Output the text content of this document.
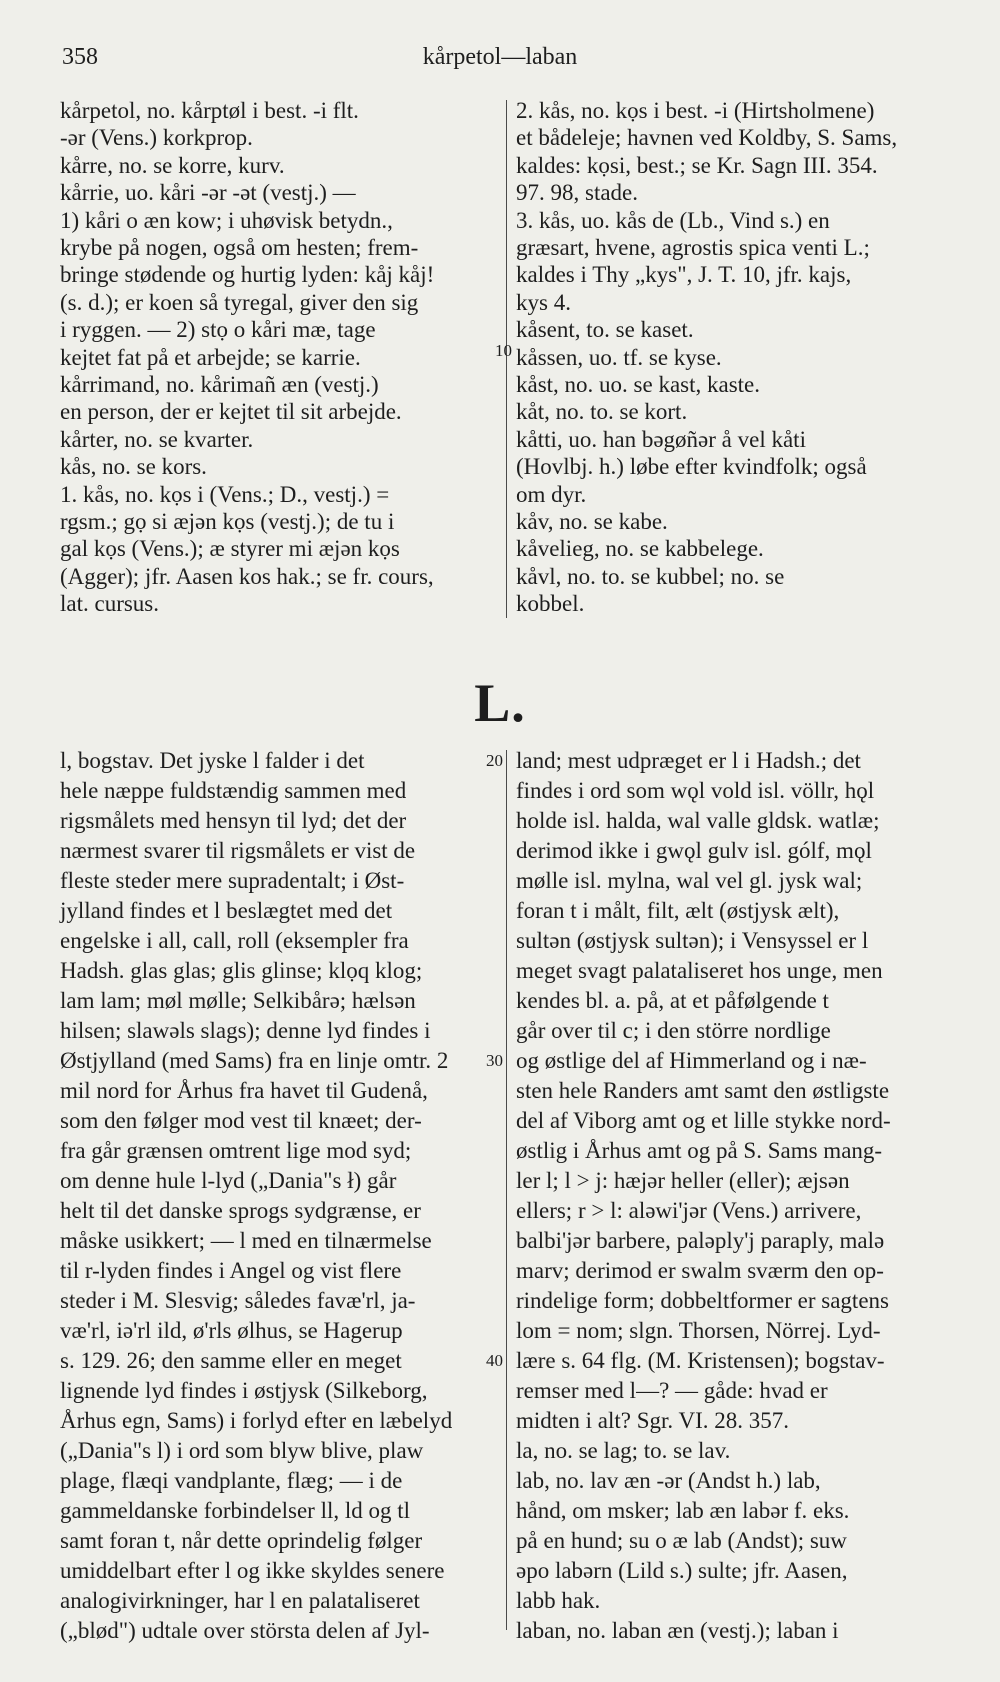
358	kårpetol—laban
kårpetol, no. kårptøl i best. -i flt.
-ər (Vens.) korkprop.
kårre, no. se korre, kurv.
kårrie, uo. kåri -ər -ət (vestj.) —
1) kåri o æn kow; i uhøvisk betydn.,
krybe på nogen, også om hesten; frem-
bringe stødende og hurtig lyden: kåj kåj!
(s. d.); er koen så tyregal, giver den sig
i ryggen. — 2) stọ o kåri mæ, tage
kejtet fat på et arbejde; se karrie.
kårrimand, no. kårimañ æn (vestj.)
en person, der er kejtet til sit arbejde.
kårter, no. se kvarter.
kås, no. se kors.
1. kås, no. kọs i (Vens.; D., vestj.) =
rgsm.; gọ si æjən kọs (vestj.); de tu i
gal kọs (Vens.); æ styrer mi æjən kọs
(Agger); jfr. Aasen kos hak.; se fr. cours,
lat. cursus.
2. kås, no. kọs i best. -i (Hirtsholmene)
et bådeleje; havnen ved Koldby, S. Sams,
kaldes: kọsi, best.; se Kr. Sagn III. 354.
97. 98, stade.
3. kås, uo. kås de (Lb., Vind s.) en
græsart, hvene, agrostis spica venti L.;
kaldes i Thy „kys", J. T. 10, jfr. kajs,
kys 4.
kåsent, to. se kaset.
kåssen, uo. tf. se kyse.
kåst, no. uo. se kast, kaste.
kåt, no. to. se kort.
kåtti, uo. han bəgøñər å vel kåti
(Hovlbj. h.) løbe efter kvindfolk; også
om dyr.
kåv, no. se kabe.
kåvelieg, no. se kabbelege.
kåvl, no. to. se kubbel; no. se
kobbel.
10
L.
l, bogstav. Det jyske l falder i det
hele næppe fuldstændig sammen med
rigsmålets med hensyn til lyd; det der
nærmest svarer til rigsmålets er vist de
fleste steder mere supradentalt; i Øst-
jylland findes et l beslægtet med det
engelske i all, call, roll (eksempler fra
Hadsh. glas glas; glis glinse; klọq klog;
lam lam; møl mølle; Selkibårə; hælsən
hilsen; slawəls slags); denne lyd findes i
Østjylland (med Sams) fra en linje omtr. 2
mil nord for Århus fra havet til Gudenå,
som den følger mod vest til knæet; der-
fra går grænsen omtrent lige mod syd;
om denne hule l-lyd („Dania"s ł) går
helt til det danske sprogs sydgrænse, er
måske usikkert; — l med en tilnærmelse
til r-lyden findes i Angel og vist flere
steder i M. Slesvig; således favæ'rl, ja-
væ'rl, iə'rl ild, ø'rls ølhus, se Hagerup
s. 129. 26; den samme eller en meget
lignende lyd findes i østjysk (Silkeborg,
Århus egn, Sams) i forlyd efter en læbelyd
(„Dania"s l) i ord som blyw blive, plaw
plage, flæqi vandplante, flæg; — i de
gammeldanske forbindelser ll, ld og tl
samt foran t, når dette oprindelig følger
umiddelbart efter l og ikke skyldes senere
analogivirkninger, har l en palataliseret
(„blød") udtale over största delen af Jyl-
land; mest udpræget er l i Hadsh.; det
findes i ord som wǫl vold isl. völlr, hǫl
holde isl. halda, wal valle gldsk. watlæ;
derimod ikke i gwǫl gulv isl. gólf, mǫl
mølle isl. mylna, wal vel gl. jysk wal;
foran t i målt, filt, ælt (østjysk ælt),
sultən (østjysk sultən); i Vensyssel er l
meget svagt palataliseret hos unge, men
kendes bl. a. på, at et påfølgende t
går over til c; i den större nordlige
og østlige del af Himmerland og i næ-
sten hele Randers amt samt den østligste
del af Viborg amt og et lille stykke nord-
østlig i Århus amt og på S. Sams mang-
ler l; l > j: hæjər heller (eller); æjsən
ellers; r > l: aləwi'jər (Vens.) arrivere,
balbi'jər barbere, paləply'j paraply, malə
marv; derimod er swalm sværm den op-
rindelige form; dobbeltformer er sagtens
lom = nom; slgn. Thorsen, Nörrej. Lyd-
lære s. 64 flg. (M. Kristensen); bogstav-
remser med l—? — gåde: hvad er
midten i alt? Sgr. VI. 28. 357.
la, no. se lag; to. se lav.
lab, no. lav æn -ər (Andst h.) lab,
hånd, om msker; lab æn labər f. eks.
på en hund; su o æ lab (Andst); suw
əpo labərn (Lild s.) sulte; jfr. Aasen,
labb hak.
laban, no. laban æn (vestj.); laban i
20
30
40
